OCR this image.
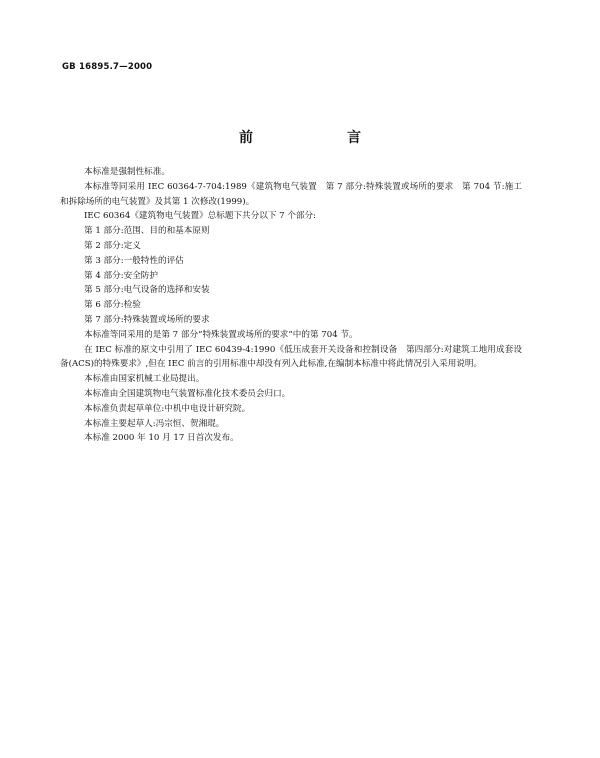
GB 16895.7—2000
前　　言

本标准是强制性标准。

本标准等同采用 IEC 60364-7-704:1989《建筑物电气装置　第 7 部分:特殊装置或场所的要求　第 704 节:施工和拆除场所的电气装置》及其第 1 次修改(1999)。

IEC 60364《建筑物电气装置》总标题下共分以下 7 个部分:

第 1 部分:范围、目的和基本原则

第 2 部分:定义

第 3 部分:一般特性的评估

第 4 部分:安全防护

第 5 部分:电气设备的选择和安装

第 6 部分:检验

第 7 部分:特殊装置或场所的要求

本标准等同采用的是第 7 部分“特殊装置或场所的要求”中的第 704 节。

在 IEC 标准的原文中引用了 IEC 60439-4:1990《低压成套开关设备和控制设备　第四部分:对建筑工地用成套设备(ACS)的特殊要求》,但在 IEC 前言的引用标准中却没有列入此标准,在编制本标准中将此情况引入采用说明。

本标准由国家机械工业局提出。

本标准由全国建筑物电气装置标准化技术委员会归口。

本标准负责起草单位:中机中电设计研究院。

本标准主要起草人:冯宗恒、贺湘琨。

本标准 2000 年 10 月 17 日首次发布。
